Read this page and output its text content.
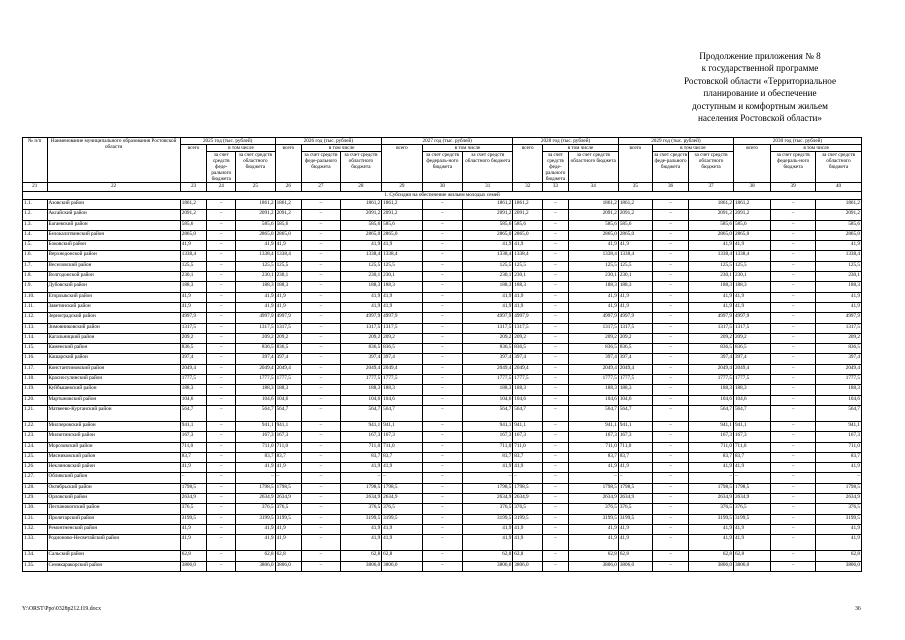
Продолжение приложения № 8
к государственной программе
Ростовской области «Территориальное
планирование и обеспечение
доступным и комфортным жильем
населения Ростовской области»
№ п/п	Наименование муниципального образования Ростовской области	2025 год (тыс. рублей)			2026 год (тыс. рублей)			2027 год (тыс. рублей)			2028 год (тыс. рублей)			2029 год (тыс. рублей)			2030 год (тыс. рублей)		
		всего	в том числе		всего	в том числе		всего	в том числе		всего	в том числе		всего	в том числе		всего	в том числе	
			за счет средств феде-рального бюджета	за счет средств областного бюджета		за счет средств феде-рального бюджета	за счет средств областного бюджета		за счет средств федераль-ного бюджета	за счет средств областного бюджета		за счет средств феде-рального бюджета	за счет средств областного бюджета		за счет средств феде-рального бюджета	за счет средств областного бюджета		за счет средств федераль-ного бюджета	за счет средств областного бюджета
21	22	23	24	25	26	27	28	29	30	31	32	33	34	35	36	37	38	39	40
1. Субсидии на обеспечение жильем молодых семей																			
1.1.	Азовский район	1861,2	–	1861,2	1861,2	–	1861,2	1861,2	–	1861,2	1861,2	–	1861,2	1861,2	–	1861,2	1861,2	–	1861,2
1.2.	Аксайский район	2091,2	–	2091,2	2091,2	–	2091,2	2091,2	–	2091,2	2091,2	–	2091,2	2091,2	–	2091,2	2091,2	–	2091,2
1.3.	Багаевский район	585,6	–	585,6	585,6	–	585,6	585,6	–	585,6	585,6	–	585,6	585,6	–	585,6	585,6	–	585,6
1.4.	Белокалитвинский район	2865,0	–	2865,0	2865,0	–	2865,0	2865,0	–	2865,0	2865,0	–	2865,0	2865,0	–	2865,0	2865,0	–	2865,0
1.5.	Боковский район	41,9	–	41,9	41,9	–	41,9	41,9	–	41,9	41,9	–	41,9	41,9	–	41,9	41,9	–	41,9
1.6.	Верхнедонской район	1338,4	–	1338,4	1338,4	–	1338,4	1338,4	–	1338,4	1338,4	–	1338,4	1338,4	–	1338,4	1338,4	–	1338,4
1.7.	Веселовский район	125,5	–	125,5	125,5	–	125,5	125,5	–	125,5	125,5	–	125,5	125,5	–	125,5	125,5	–	125,5
1.8.	Волгодонской район	230,1	–	230,1	230,1	–	230,1	230,1	–	230,1	230,1	–	230,1	230,1	–	230,1	230,1	–	230,1
1.9.	Дубовский район	188,3	–	188,3	188,3	–	188,3	188,3	–	188,3	188,3	–	188,3	188,3	–	188,3	188,3	–	188,3
1.10.	Егорлыкский район	41,9	–	41,9	41,9	–	41,9	41,9	–	41,9	41,9	–	41,9	41,9	–	41,9	41,9	–	41,9
1.11.	Заветинский район	41,9	–	41,9	41,9	–	41,9	41,9	–	41,9	41,9	–	41,9	41,9	–	41,9	41,9	–	41,9
1.12.	Зерноградский район	4997,9	–	4997,9	4997,9	–	4997,9	4997,9	–	4997,9	4997,9	–	4997,9	4997,9	–	4997,9	4997,9	–	4997,9
1.13.	Зимовниковский район	1317,5	–	1317,5	1317,5	–	1317,5	1317,5	–	1317,5	1317,5	–	1317,5	1317,5	–	1317,5	1317,5	–	1317,5
1.14.	Кагальницкий район	209,2	–	209,2	209,2	–	209,2	209,2	–	209,2	209,2	–	209,2	209,2	–	209,2	209,2	–	209,2
1.15.	Каменский район	836,5	–	836,5	836,5	–	836,5	836,5	–	836,5	836,5	–	836,5	836,5	–	836,5	836,5	–	836,5
1.16.	Кашарский район	397,4	–	397,4	397,4	–	397,4	397,4	–	397,4	397,4	–	397,4	397,4	–	397,4	397,4	–	397,4
1.17.	Константиновский район	2049,4	–	2049,4	2049,4	–	2049,4	2049,4	–	2049,4	2049,4	–	2049,4	2049,4	–	2049,4	2049,4	–	2049,4
1.18.	Красносулинский район	1777,5	–	1777,5	1777,5	–	1777,5	1777,5	–	1777,5	1777,5	–	1777,5	1777,5	–	1777,5	1777,5	–	1777,5
1.19.	Куйбышевский район	188,3	–	188,3	188,3	–	188,3	188,3	–	188,3	188,3	–	188,3	188,3	–	188,3	188,3	–	188,3
1.20.	Мартыновский район	104,6	–	104,6	104,6	–	104,6	104,6	–	104,6	104,6	–	104,6	104,6	–	104,6	104,6	–	104,6
1.21.	Матвеево-Курганский район	564,7	–	564,7	564,7	–	564,7	564,7	–	564,7	564,7	–	564,7	564,7	–	564,7	564,7	–	564,7
1.22.	Миллеровский район	941,1	–	941,1	941,1	–	941,1	941,1	–	941,1	941,1	–	941,1	941,1	–	941,1	941,1	–	941,1
1.23.	Милютинский район	167,3	–	167,3	167,3	–	167,3	167,3	–	167,3	167,3	–	167,3	167,3	–	167,3	167,3	–	167,3
1.24.	Морозовский район	711,0	–	711,0	711,0	–	711,0	711,0	–	711,0	711,0	–	711,0	711,0	–	711,0	711,0	–	711,0
1.25.	Мясниковский район	83,7	–	83,7	83,7	–	83,7	83,7	–	83,7	83,7	–	83,7	83,7	–	83,7	83,7	–	83,7
1.26.	Неклиновский район	41,9	–	41,9	41,9	–	41,9	41,9	–	41,9	41,9	–	41,9	41,9	–	41,9	41,9	–	41,9
1.27.	Обливский район	–	–	–	–	–	–	–	–	–	–	–	–	–	–	–	–	–	–
1.28.	Октябрьский район	1798,5	–	1798,5	1798,5	–	1798,5	1798,5	–	1798,5	1798,5	–	1798,5	1798,5	–	1798,5	1798,5	–	1798,5
1.29.	Орловский район	2634,9	–	2634,9	2634,9	–	2634,9	2634,9	–	2634,9	2634,9	–	2634,9	2634,9	–	2634,9	2634,9	–	2634,9
1.30.	Песчанокопский район	376,5	–	376,5	376,5	–	376,5	376,5	–	376,5	376,5	–	376,5	376,5	–	376,5	376,5	–	376,5
1.31.	Пролетарский район	3199,5	–	3199,5	3199,5	–	3199,5	3199,5	–	3199,5	3199,5	–	3199,5	3199,5	–	3199,5	3199,5	–	3199,5
1.32.	Ремонтненский район	41,9	–	41,9	41,9	–	41,9	41,9	–	41,9	41,9	–	41,9	41,9	–	41,9	41,9	–	41,9
1.33.	Родионово-Несветайский район	41,9	–	41,9	41,9	–	41,9	41,9	–	41,9	41,9	–	41,9	41,9	–	41,9	41,9	–	41,9
1.34.	Сальский район	62,8	–	62,8	62,8	–	62,8	62,8	–	62,8	62,8	–	62,8	62,8	–	62,8	62,8	–	62,8
1.35.	Семикаракорский район	3806,0	–	3806,0	3806,0	–	3806,0	3806,0	–	3806,0	3806,0	–	3806,0	3806,0	–	3806,0	3806,0	–	3806,0
Y:\ORST\Ppo\0328p212.f19.docx	36
